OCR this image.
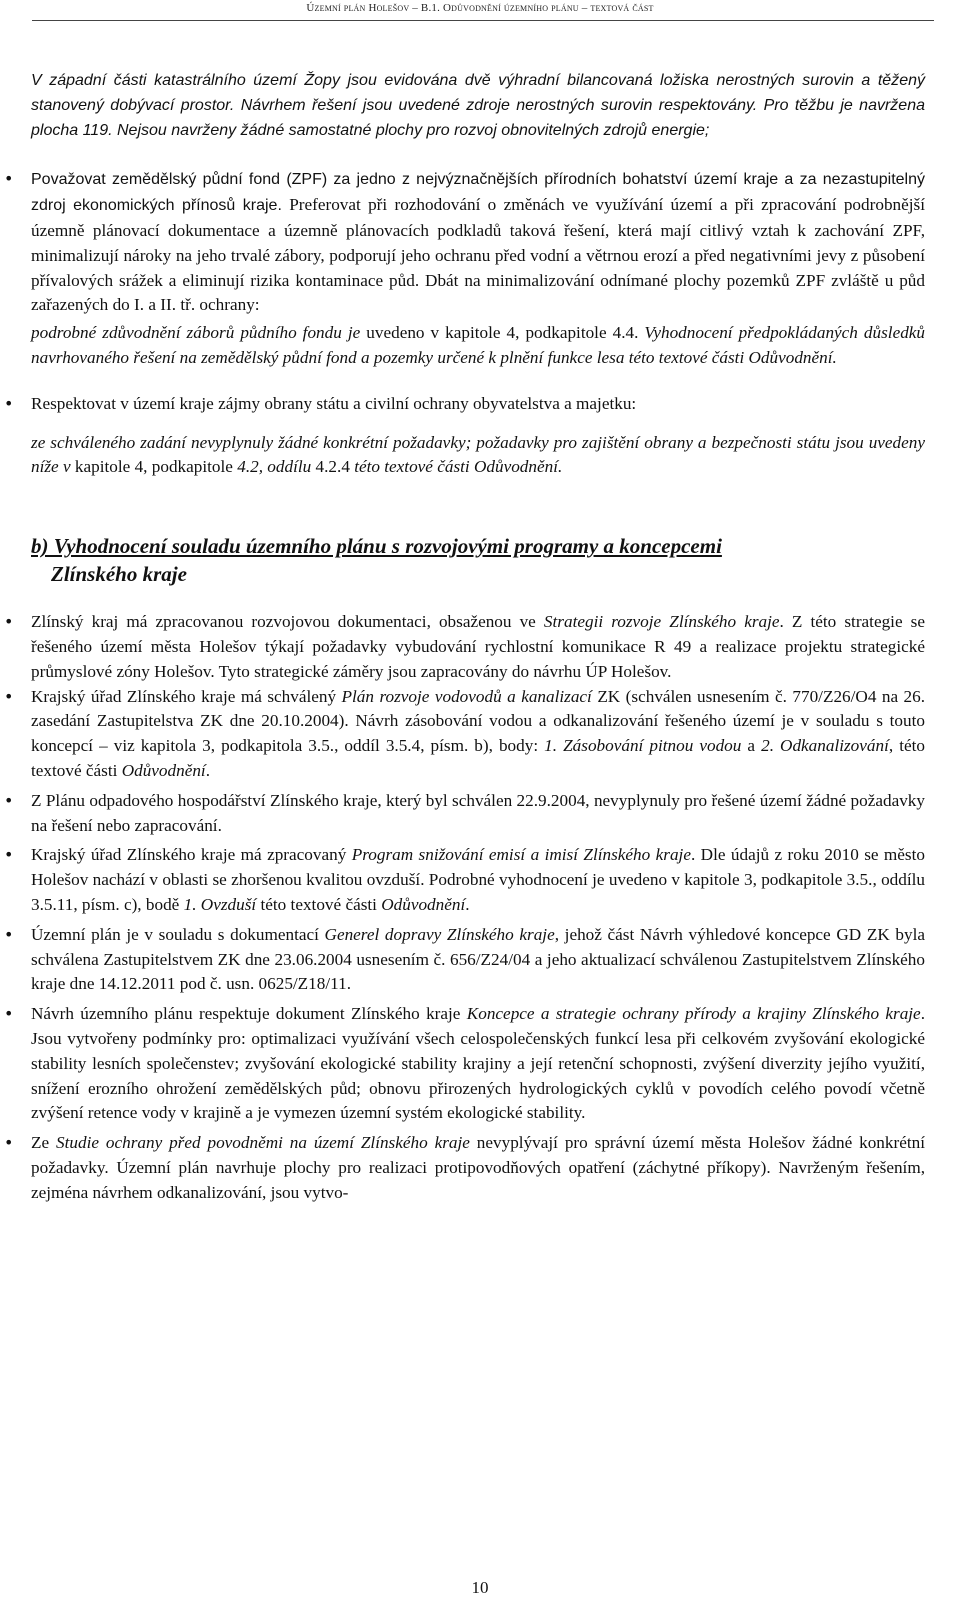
Územní plán Holešov – B.1. Odůvodnění územního plánu – textová část

V západní části katastrálního území Žopy jsou evidována dvě výhradní bilancovaná ložiska nerostných surovin a těžený stanovený dobývací prostor. Návrhem řešení jsou uvedené zdroje nerostných surovin respektovány. Pro těžbu je navržena plocha 119. Nejsou navrženy žádné samostatné plochy pro rozvoj obnovitelných zdrojů energie;

• Považovat zemědělský půdní fond (ZPF) za jedno z nejvýznačnějších přírodních bohatství území kraje a za nezastupitelný zdroj ekonomických přínosů kraje. Preferovat při rozhodování o změnách ve využívání území a při zpracování podrobnější územně plánovací dokumentace a územně plánovacích podkladů taková řešení, která mají citlivý vztah k zachování ZPF, minimalizují nároky na jeho trvalé zábory, podporují jeho ochranu před vodní a větrnou erozí a před negativními jevy z působení přívalových srážek a eliminují rizika kontaminace půd. Dbát na minimalizování odnímané plochy pozemků ZPF zvláště u půd zařazených do I. a II. tř. ochrany:

podrobné zdůvodnění záborů půdního fondu je uvedeno v kapitole 4, podkapitole 4.4. Vyhodnocení předpokládaných důsledků navrhovaného řešení na zemědělský půdní fond a pozemky určené k plnění funkce lesa této textové části Odůvodnění.

• Respektovat v území kraje zájmy obrany státu a civilní ochrany obyvatelstva a majetku:

ze schváleného zadání nevyplynuly žádné konkrétní požadavky; požadavky pro zajištění obrany a bezpečnosti státu jsou uvedeny níže v kapitole 4, podkapitole 4.2, oddílu 4.2.4 této textové části Odůvodnění.

b) Vyhodnocení souladu územního plánu s rozvojovými programy a koncepcemi
Zlínského kraje

• Zlínský kraj má zpracovanou rozvojovou dokumentaci, obsaženou ve Strategii rozvoje Zlínského kraje. Z této strategie se řešeného území města Holešov týkají požadavky vybudování rychlostní komunikace R 49 a realizace projektu strategické průmyslové zóny Holešov. Tyto strategické záměry jsou zapracovány do návrhu ÚP Holešov.

• Krajský úřad Zlínského kraje má schválený Plán rozvoje vodovodů a kanalizací ZK (schválen usnesením č. 770/Z26/O4 na 26. zasedání Zastupitelstva ZK dne 20.10.2004). Návrh zásobování vodou a odkanalizování řešeného území je v souladu s touto koncepcí – viz kapitola 3, podkapitola 3.5., oddíl 3.5.4, písm. b), body: 1. Zásobování pitnou vodou a 2. Odkanalizování, této textové části Odůvodnění.

• Z Plánu odpadového hospodářství Zlínského kraje, který byl schválen 22.9.2004, nevyplynuly pro řešené území žádné požadavky na řešení nebo zapracování.

• Krajský úřad Zlínského kraje má zpracovaný Program snižování emisí a imisí Zlínského kraje. Dle údajů z roku 2010 se město Holešov nachází v oblasti se zhoršenou kvalitou ovzduší. Podrobné vyhodnocení je uvedeno v kapitole 3, podkapitole 3.5., oddílu 3.5.11, písm. c), bodě 1. Ovzduší této textové části Odůvodnění.

• Územní plán je v souladu s dokumentací Generel dopravy Zlínského kraje, jehož část Návrh výhledové koncepce GD ZK byla schválena Zastupitelstvem ZK dne 23.06.2004 usnesením č. 656/Z24/04 a jeho aktualizací schválenou Zastupitelstvem Zlínského kraje dne 14.12.2011 pod č. usn. 0625/Z18/11.

• Návrh územního plánu respektuje dokument Zlínského kraje Koncepce a strategie ochrany přírody a krajiny Zlínského kraje. Jsou vytvořeny podmínky pro: optimalizaci využívání všech celospolečenských funkcí lesa při celkovém zvyšování ekologické stability lesních společenstev; zvyšování ekologické stability krajiny a její retenční schopnosti, zvýšení diverzity jejího využití, snížení erozního ohrožení zemědělských půd; obnovu přirozených hydrologických cyklů v povodích celého povodí včetně zvýšení retence vody v krajině a je vymezen územní systém ekologické stability.

• Ze Studie ochrany před povodněmi na území Zlínského kraje nevyplývají pro správní území města Holešov žádné konkrétní požadavky. Územní plán navrhuje plochy pro realizaci protipovodňových opatření (záchytné příkopy). Navrženým řešením, zejména návrhem odkanalizování, jsou vytvo-

10
